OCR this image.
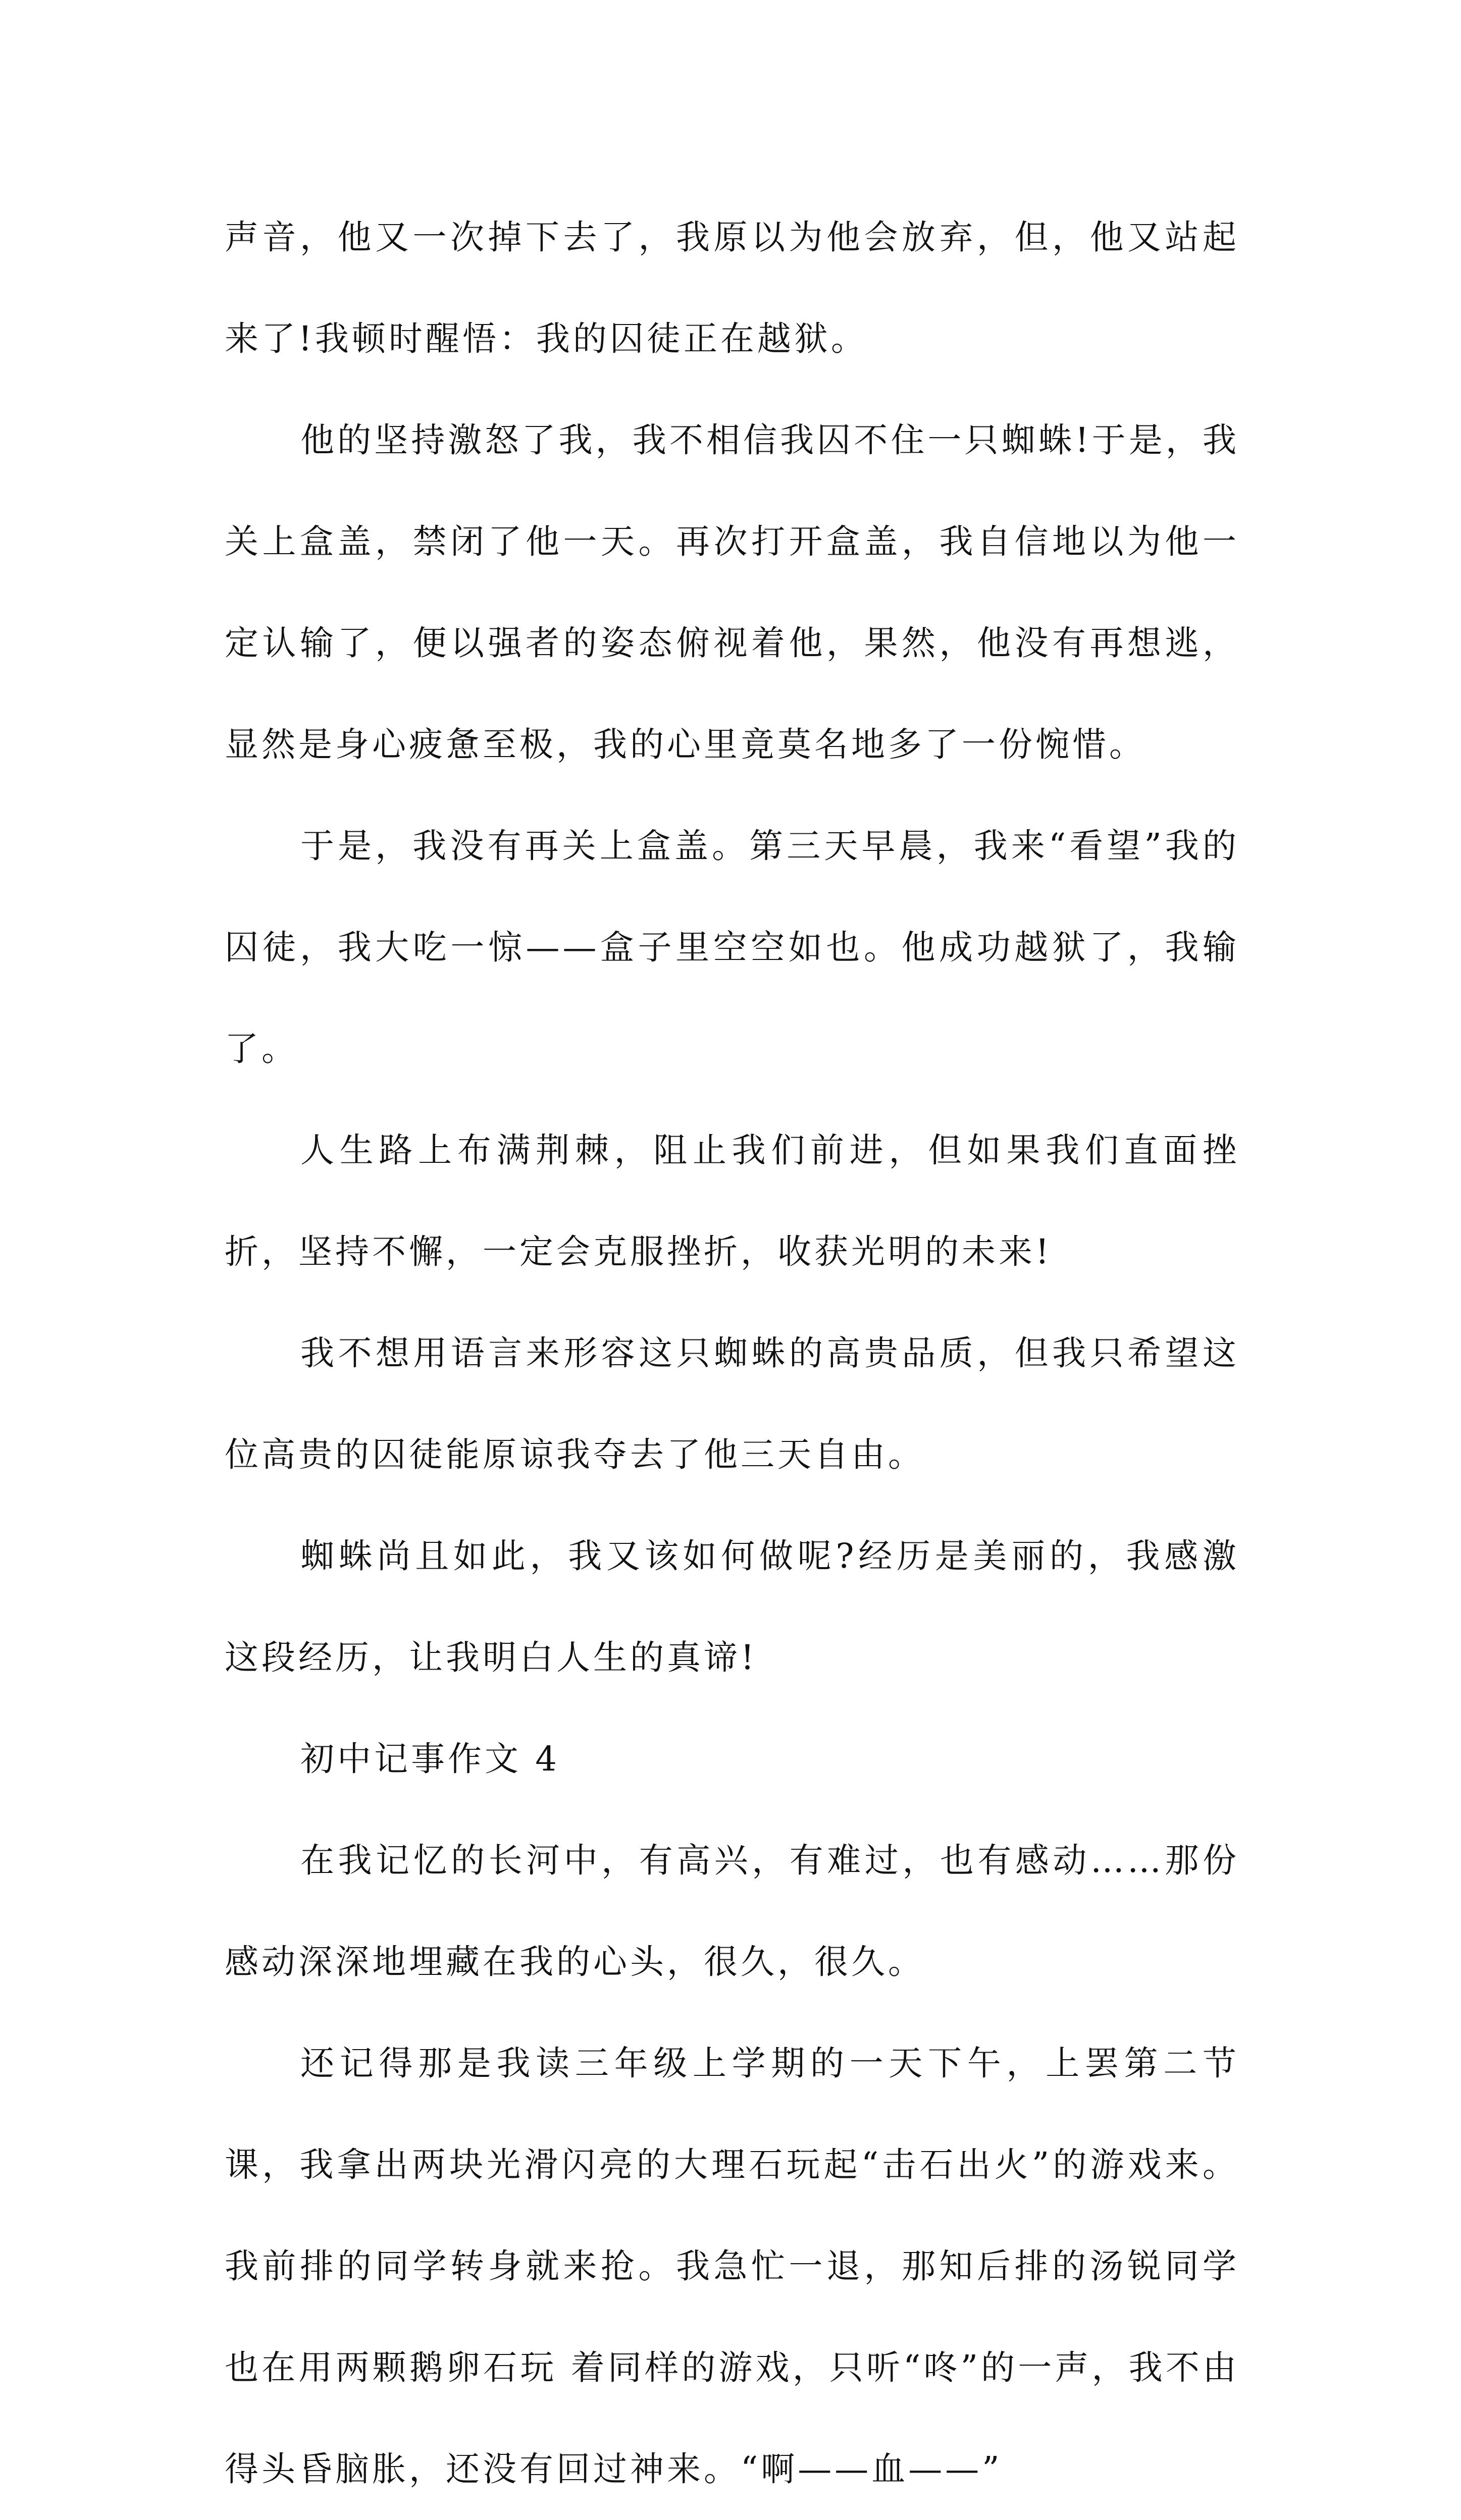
声音，他又一次掉下去了，我原以为他会放弃，但，他又站起来了!我顿时醒悟：我的囚徒正在越狱。

他的坚持激怒了我，我不相信我囚不住一只蜘蛛!于是，我关上盒盖，禁闭了他一天。再次打开盒盖，我自信地以为他一定认输了，便以强者的姿态俯视着他，果然，他没有再想逃，显然是身心疲惫至极，我的心里竟莫名地多了一份惋惜。

于是，我没有再关上盒盖。第三天早晨，我来“看望”我的囚徒，我大吃一惊——盒子里空空如也。他成功越狱了，我输了。

人生路上布满荆棘，阻止我们前进，但如果我们直面挫折，坚持不懈，一定会克服挫折，收获光明的未来!

我不想用语言来形容这只蜘蛛的高贵品质，但我只希望这位高贵的囚徒能原谅我夺去了他三天自由。

蜘蛛尚且如此，我又该如何做呢?经历是美丽的，我感激这段经历，让我明白人生的真谛!

初中记事作文 4

在我记忆的长河中，有高兴，有难过，也有感动……那份感动深深地埋藏在我的心头，很久，很久。

还记得那是我读三年级上学期的一天下午，上罢第二节课，我拿出两块光滑闪亮的大理石玩起“击石出火”的游戏来。我前排的同学转身就来抢。我急忙一退，那知后排的汤锐同学也在用两颗鹅卵石玩 着同样的游戏，只听“咚”的一声，我不由得头昏脑胀，还没有回过神来。“啊——血——”
